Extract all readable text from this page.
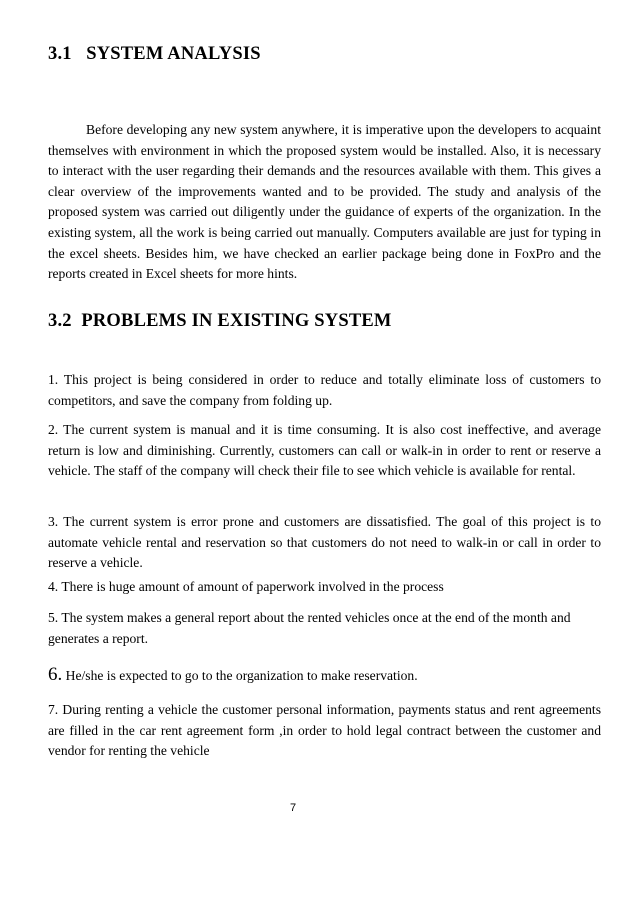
3.1   SYSTEM ANALYSIS

Before developing any new system anywhere, it is imperative upon the developers to acquaint themselves with environment in which the proposed system would be installed. Also, it is necessary to interact with the user regarding their demands and the resources available with them. This gives a clear overview of the improvements wanted and to be provided. The study and analysis of the proposed system was carried out diligently under the guidance of experts of the organization. In the existing system, all the work is being carried out manually. Computers available are just for typing in the excel sheets. Besides him, we have checked an earlier package being done in FoxPro and the reports created in Excel sheets for more hints.

3.2  PROBLEMS IN EXISTING SYSTEM

1. This project is being considered in order to reduce and totally eliminate loss of customers to competitors, and save the company from folding up.

2. The current system is manual and it is time consuming. It is also cost ineffective, and average return is low and diminishing. Currently, customers can call or walk-in in order to rent or reserve a vehicle. The staff of the company will check their file to see which vehicle is available for rental.

3. The current system is error prone and customers are dissatisfied. The goal of this project is to automate vehicle rental and reservation so that customers do not need to walk-in or call in order to reserve a vehicle.

4. There is huge amount of amount of paperwork involved in the process

5. The system makes a general report about the rented vehicles once at the end of the month and generates a report.

6. He/she is expected to go to the organization to make reservation.

7. During renting a vehicle the customer personal information, payments status and rent agreements are filled in the car rent agreement form ,in order to hold legal contract between the customer and vendor for renting the vehicle

7
